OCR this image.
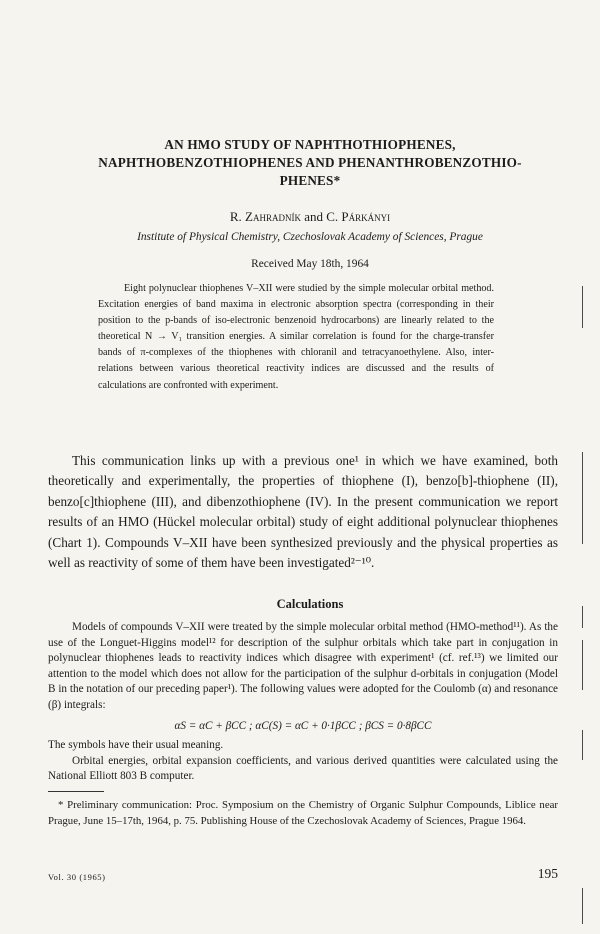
AN HMO STUDY OF NAPHTHOTHIOPHENES,
NAPHTHOBENZOTHIOPHENES AND PHENANTHROBENZOTHIO-
PHENES*
R. Zahradník and C. Párkányi
Institute of Physical Chemistry, Czechoslovak Academy of Sciences, Prague
Received May 18th, 1964
Eight polynuclear thiophenes V–XII were studied by the simple molecular orbital method. Excitation energies of band maxima in electronic absorption spectra (corresponding in their position to the p-bands of iso-electronic benzenoid hydrocarbons) are linearly related to the theoretical N → V₁ transition energies. A similar correlation is found for the charge-transfer bands of π-complexes of the thiophenes with chloranil and tetracyanoethylene. Also, inter-relations between various theoretical reactivity indices are discussed and the results of calculations are confronted with experiment.
This communication links up with a previous one¹ in which we have examined, both theoretically and experimentally, the properties of thiophene (I), benzo[b]-thiophene (II), benzo[c]thiophene (III), and dibenzothiophene (IV). In the present communication we report results of an HMO (Hückel molecular orbital) study of eight additional polynuclear thiophenes (Chart 1). Compounds V–XII have been synthesized previously and the physical properties as well as reactivity of some of them have been investigated²⁻¹⁰.
Calculations

Models of compounds V–XII were treated by the simple molecular orbital method (HMO-method¹¹). As the use of the Longuet-Higgins model¹² for description of the sulphur orbitals which take part in conjugation in polynuclear thiophenes leads to reactivity indices which disagree with experiment¹ (cf. ref.¹³) we limited our attention to the model which does not allow for the participation of the sulphur d-orbitals in conjugation (Model B in the notation of our preceding paper¹). The following values were adopted for the Coulomb (α) and resonance (β) integrals:

αS = αC + βCC ; αC(S) = αC + 0·1βCC ; βCS = 0·8βCC

The symbols have their usual meaning.

Orbital energies, orbital expansion coefficients, and various derived quantities were calculated using the National Elliott 803 B computer.

* Preliminary communication: Proc. Symposium on the Chemistry of Organic Sulphur Compounds, Liblice near Prague, June 15–17th, 1964, p. 75. Publishing House of the Czechoslovak Academy of Sciences, Prague 1964.
Vol. 30 (1965)	195
